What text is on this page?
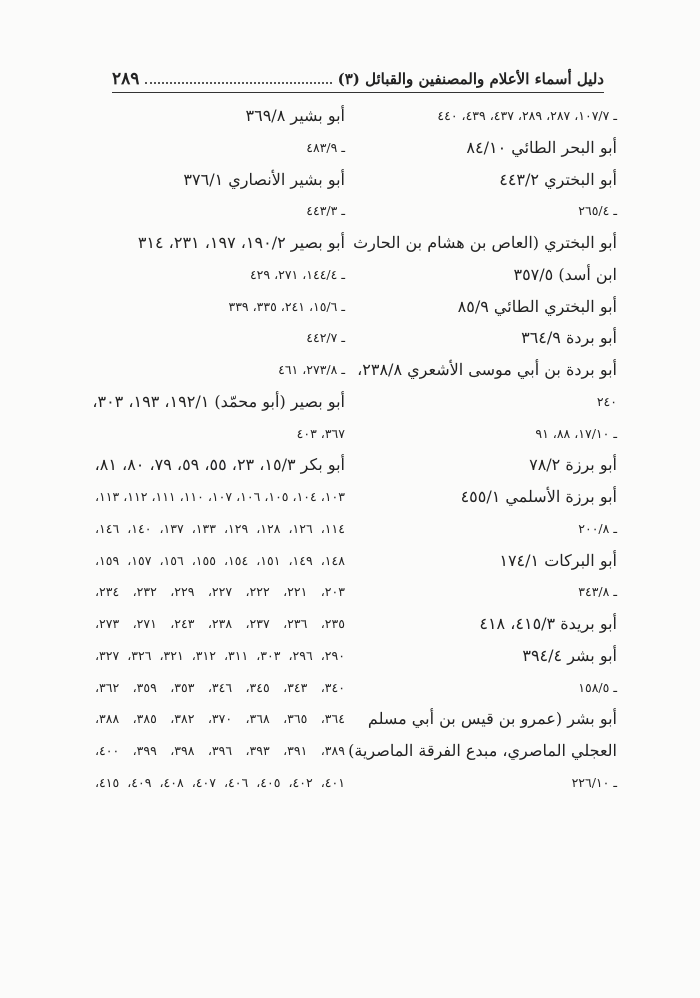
دليل أسماء الأعلام والمصنفين والقبائل (٣)
٢٨٩
ـ ١٠٧/٧، ٢٨٧، ٢٨٩، ٤٣٧، ٤٣٩، ٤٤٠
أبو البحر الطائي ٨٤/١٠
أبو البختري ٤٤٣/٢
ـ ٢٦٥/٤
أبو البختري (العاص بن هشام بن الحارث
ابن أسد) ٣٥٧/٥
أبو البختري الطائي ٨٥/٩
أبو بردة ٣٦٤/٩
أبو بردة بن أبي موسى الأشعري ٢٣٨/٨،
٢٤٠
ـ ١٧/١٠، ٨٨، ٩١
أبو برزة ٧٨/٢
أبو برزة الأسلمي ٤٥٥/١
ـ ٢٠٠/٨
أبو البركات ١٧٤/١
ـ ٣٤٣/٨
أبو بريدة ٤١٥/٣، ٤١٨
أبو بشر ٣٩٤/٤
ـ ١٥٨/٥
أبو بشر (عمرو بن قيس بن أبي مسلم
العجلي الماصري، مبدع الفرقة الماصرية)
ـ ٢٢٦/١٠
أبو بشير ٣٦٩/٨
ـ ٤٨٣/٩
أبو بشير الأنصاري ٣٧٦/١
ـ ٤٤٣/٣
أبو بصير ١٩٠/٢، ١٩٧، ٢٣١، ٣١٤
ـ ١٤٤/٤، ٢٧١، ٤٢٩
ـ ١٥/٦، ٢٤١، ٣٣٥، ٣٣٩
ـ ٤٤٢/٧
ـ ٢٧٣/٨، ٤٦١
أبو بصير (أبو محمّد) ١٩٢/١، ١٩٣، ٣٠٣،
٣٦٧، ٤٠٣
أبو بكر ١٥/٣، ٢٣، ٥٥، ٥٩، ٧٩، ٨٠، ٨١،
١٠٣، ١٠٤، ١٠٥، ١٠٦، ١٠٧، ١١٠، ١١١، ١١٢، ١١٣،
١١٤، ١٢٦، ١٢٨، ١٢٩، ١٣٣، ١٣٧، ١٤٠، ١٤٦،
١٤٨، ١٤٩، ١٥١، ١٥٤، ١٥٥، ١٥٦، ١٥٧، ١٥٩،
٢٠٣، ٢٢١، ٢٢٢، ٢٢٧، ٢٢٩، ٢٣٢، ٢٣٤،
٢٣٥، ٢٣٦، ٢٣٧، ٢٣٨، ٢٤٣، ٢٧١، ٢٧٣،
٢٩٠، ٢٩٦، ٣٠٣، ٣١١، ٣١٢، ٣٢١، ٣٢٦، ٣٢٧،
٣٤٠، ٣٤٣، ٣٤٥، ٣٤٦، ٣٥٣، ٣٥٩، ٣٦٢،
٣٦٤، ٣٦٥، ٣٦٨، ٣٧٠، ٣٨٢، ٣٨٥، ٣٨٨،
٣٨٩، ٣٩١، ٣٩٣، ٣٩٦، ٣٩٨، ٣٩٩، ٤٠٠،
٤٠١، ٤٠٢، ٤٠٥، ٤٠٦، ٤٠٧، ٤٠٨، ٤٠٩، ٤١٥،
